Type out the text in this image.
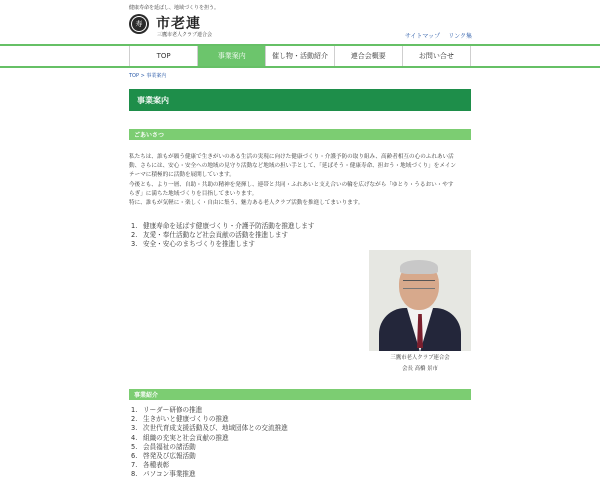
健康寿命を延ばし、地域づくりを担う。
寿 市老連
三鷹市老人クラブ連合会	サイトマップ リンク集
TOP	事業案内	催し物・活動紹介	連合会概要	お問い合せ
TOP > 事業案内
事業案内
ごあいさつ

私たちは、誰もが願う健康で生きがいのある生活の実現に向けた健康づくり・介護予防の取り組み、高齢者相互の心のふれあい活

動、さらには、安心・安全への地域の見守り活動など地域の担い手として、「延ばそう・健康寿命、担おう・地域づくり」をメイン

テーマに積極的に活動を展開しています。

今後とも、より一層、自助・共助の精神を発揮し、連帯と共同・ふれあいと支え合いの輪を広げながら「ゆとり・うるおい・やす

らぎ」に満ちた地域づくりを目指してまいります。

特に、誰もが気軽に・楽しく・自由に集う、魅力ある老人クラブ活動を推進してまいります。

1. 健康寿命を延ばす健康づくり・介護予防活動を推進します
2. 友愛・奉仕活動など社会貢献の活動を推進します
3. 安全・安心のまちづくりを推進します
三鷹市老人クラブ連合会
会長 高橋 景市
事業紹介
1. リーダー研修の推進
2. 生きがいと健康づくりの推進
3. 次世代育成支援活動及び、地域団体との交流推進
4. 組織の充実と社会貢献の推進
5. 会員福祉の諸活動
6. 啓発及び広報活動
7. 各種表彰
8. パソコン事業推進
